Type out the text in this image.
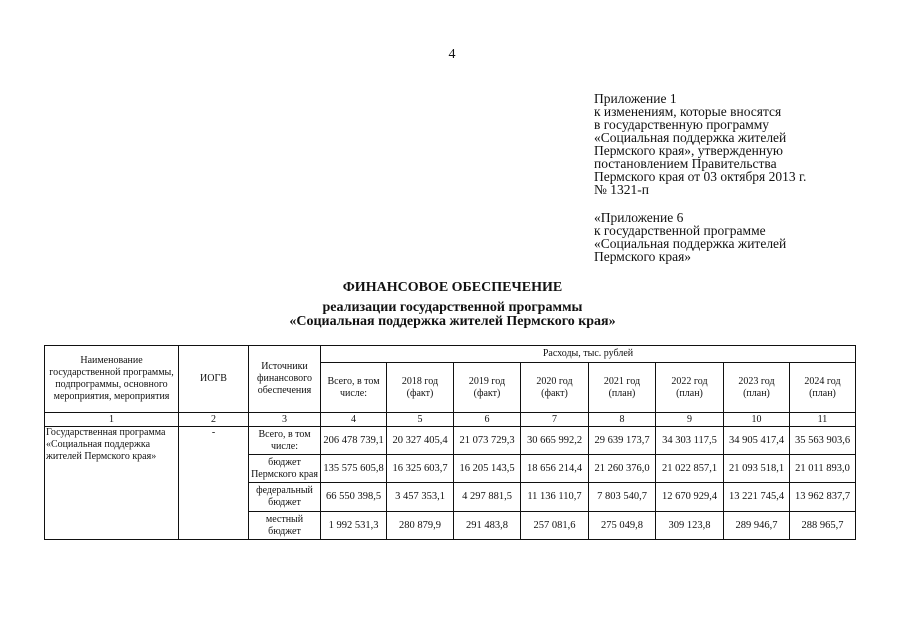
4
Приложение 1
к изменениям, которые вносятся
в государственную программу
«Социальная поддержка жителей
Пермского края», утвержденную
постановлением Правительства
Пермского края от 03 октября 2013 г.
№ 1321-п
«Приложение 6
к государственной программе
«Социальная поддержка жителей
Пермского края»
ФИНАНСОВОЕ ОБЕСПЕЧЕНИЕ
реализации государственной программы
«Социальная поддержка жителей Пермского края»
Наименование государственной программы, подпрограммы, основного мероприятия, мероприятия	ИОГВ	Источники финансового обеспечения	Расходы, тыс. рублей							
			Всего, в том числе:	2018 год (факт)	2019 год (факт)	2020 год (факт)	2021 год (план)	2022 год (план)	2023 год (план)	2024 год (план)
1	2	3	4	5	6	7	8	9	10	11
Государственная программа «Социальная поддержка жителей Пермского края»	-	Всего, в том числе:	206 478 739,1	20 327 405,4	21 073 729,3	30 665 992,2	29 639 173,7	34 303 117,5	34 905 417,4	35 563 903,6
		бюджет Пермского края	135 575 605,8	16 325 603,7	16 205 143,5	18 656 214,4	21 260 376,0	21 022 857,1	21 093 518,1	21 011 893,0
		федеральный бюджет	66 550 398,5	3 457 353,1	4 297 881,5	11 136 110,7	7 803 540,7	12 670 929,4	13 221 745,4	13 962 837,7
		местный бюджет	1 992 531,3	280 879,9	291 483,8	257 081,6	275 049,8	309 123,8	289 946,7	288 965,7
